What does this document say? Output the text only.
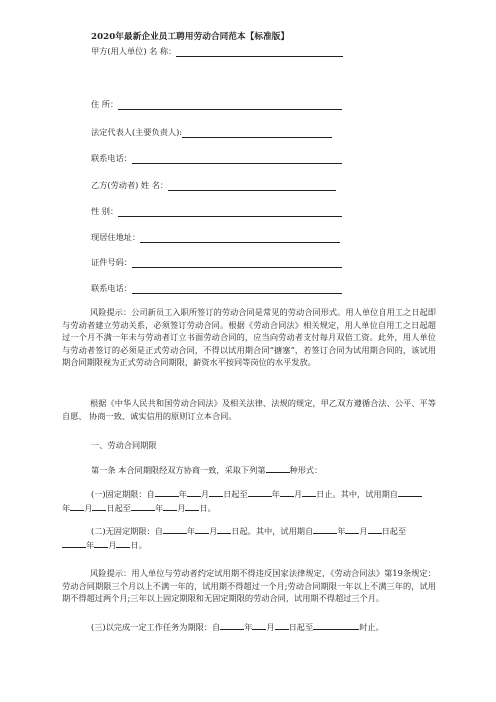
2020年最新企业员工聘用劳动合同范本【标准版】
甲方(用人单位) 名 称：
住 所：
法定代表人(主要负责人):
联系电话：
乙方(劳动者) 姓 名：
性 别：
现居住地址：
证件号码：
联系电话：
风险提示：公司新员工入职所签订的劳动合同是常见的劳动合同形式。用人单位自用工之日起即与劳动者建立劳动关系，必须签订劳动合同。根据《劳动合同法》相关规定，用人单位自用工之日起超过一个月不满一年未与劳动者订立书面劳动合同的，应当向劳动者支付每月双倍工资。此外，用人单位与劳动者签订的必须是正式劳动合同，不得以试用期合同“搪塞”，若签订合同为试用期合同的，该试用期合同期限视为正式劳动合同期限，薪资水平按同等岗位的水平发放。
根据《中华人民共和国劳动合同法》及相关法律、法规的规定，甲乙双方遵循合法、公平、平等自愿、 协商一致、诚实信用的原则订立本合同。
一、劳动合同期限
第一条 本合同期限经双方协商一致，采取下列第	种形式：
(一)固定期限：自	年 月 日起至	年 月 日止。其中，试用期自
年 月 日起至	年 月 日。
(二)无固定期限：自	年 月 日起。其中，试用期自	年 月 日起至
年 月 日。
风险提示：用人单位与劳动者约定试用期不得违反国家法律规定，《劳动合同法》第19条规定：劳动合同期限三个月以上不满一年的，试用期不得超过一个月;劳动合同期限一年以上不满三年的，试用期不得超过两个月;三年以上固定期限和无固定期限的劳动合同，试用期不得超过三个月。
(三)以完成一定工作任务为期限：自	年 月 日起至	时止。
